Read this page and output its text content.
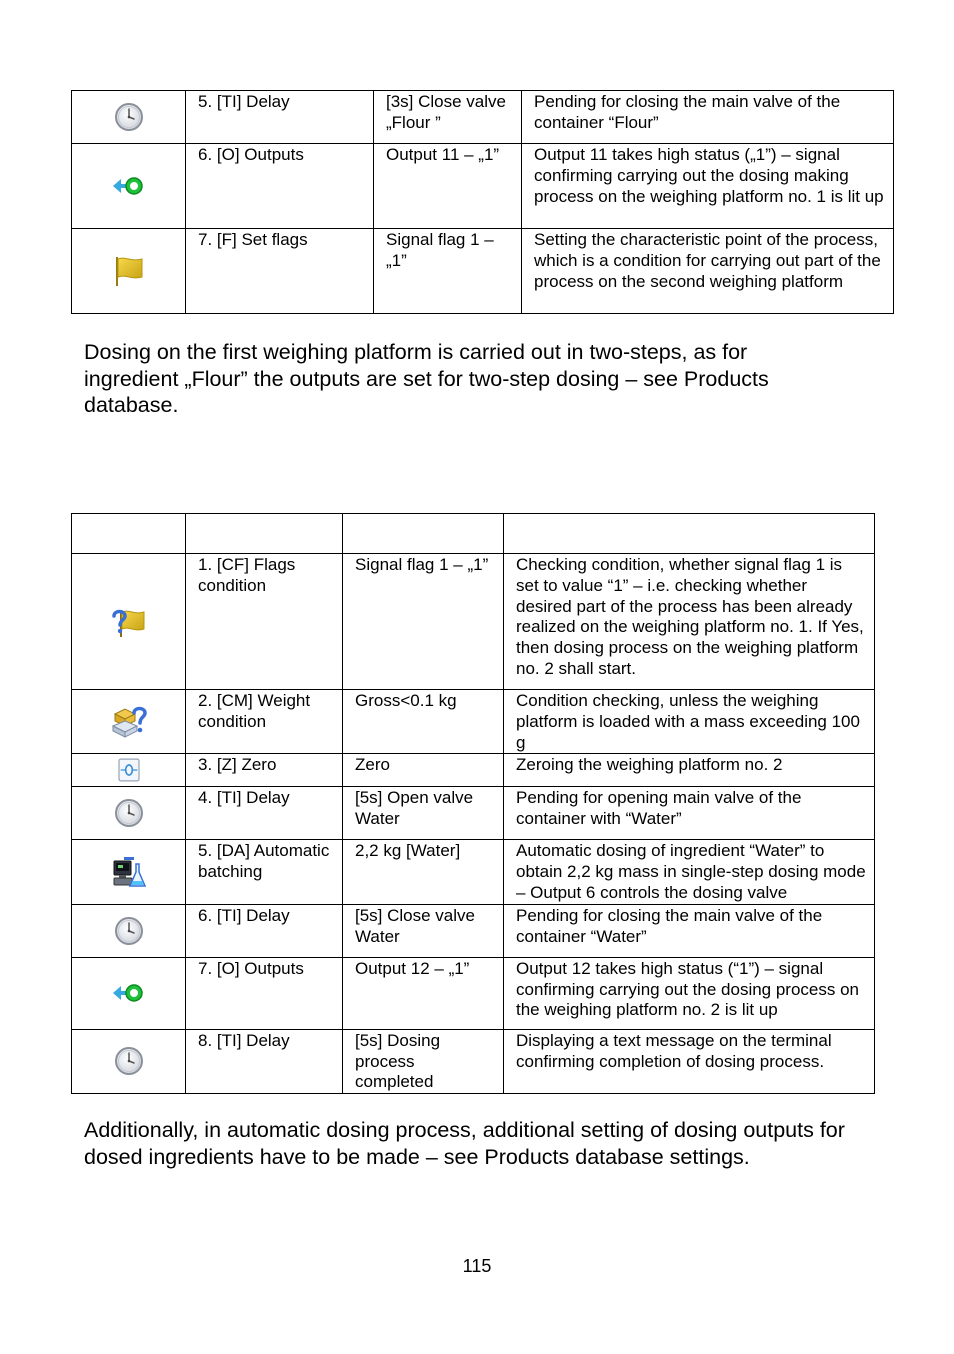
	5. [TI] Delay	[3s] Close valve „Flour ”	Pending for closing the main valve of the container “Flour”

	6. [O] Outputs	Output 11 – „1”	Output 11 takes high status („1”) – signal confirming carrying out the dosing making process on the weighing platform no. 1 is lit up

	7. [F] Set flags	Signal flag 1 – „1”	Setting the characteristic point of the process, which is a condition for carrying out part of the process on the second weighing platform

Dosing on the first weighing platform is carried out in two-steps, as for ingredient „Flour” the outputs are set for two-step dosing – see Products database.

	1. [CF] Flags condition	Signal flag 1 – „1”	Checking condition, whether signal flag 1 is set to value “1” – i.e. checking whether desired part of the process has been already realized on the weighing platform no. 1. If Yes, then dosing process on the weighing platform no. 2 shall start.

	2. [CM] Weight condition	Gross<0.1 kg	Condition checking, unless the weighing platform is loaded with a mass exceeding 100 g

	3. [Z] Zero	Zero	Zeroing the weighing platform no. 2

	4. [TI] Delay	[5s] Open valve Water	Pending for opening main valve of the container with “Water”

	5. [DA] Automatic batching	2,2 kg [Water]	Automatic dosing of ingredient “Water” to obtain 2,2 kg mass in single-step dosing mode – Output 6 controls the dosing valve

	6. [TI] Delay	[5s] Close valve Water	Pending for closing the main valve of the container “Water”

	7. [O] Outputs	Output 12 – „1”	Output 12 takes high status (“1”) – signal confirming carrying out the dosing process on the weighing platform no. 2 is lit up

	8. [TI] Delay	[5s] Dosing process completed	Displaying a text message on the terminal confirming completion of dosing process.

Additionally, in automatic dosing process, additional setting of dosing outputs for dosed ingredients have to be made – see Products database settings.

115
